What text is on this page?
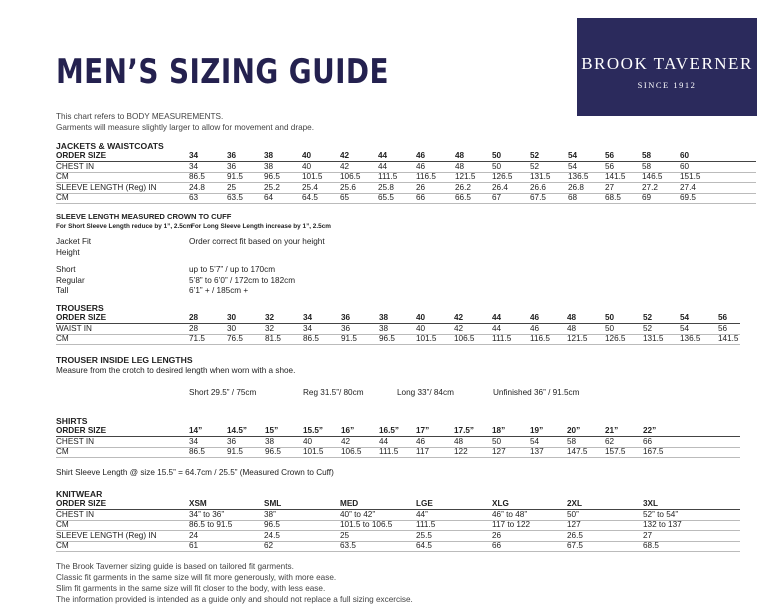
MEN’S SIZING GUIDE	BROOK TAVERNER
SINCE 1912
This chart refers to BODY MEASUREMENTS.
Garments will measure slightly larger to allow for movement and drape.
JACKETS & WAISTCOATS
ORDER SIZE	34	36	38	40	42	44	46	48	50	52	54	56	58	60
CHEST IN	34	36	38	40	42	44	46	48	50	52	54	56	58	60
CM	86.5	91.5	96.5	101.5 106.5 111.5 116.5 121.5 126.5 131.5 136.5 141.5 146.5 151.5
SLEEVE LENGTH (Reg) IN	24.8	25	25.2	25.4	25.6	25.8	26	26.2	26.4	26.6	26.8	27	27.2	27.4
CM	63	63.5	64	64.5	65	65.5	66	66.5	67	67.5	68	68.5	69	69.5
SLEEVE LENGTH MEASURED CROWN TO CUFF
For Short Sleeve Length reduce by 1”, 2.5cm
For Long Sleeve Length increase by 1”, 2.5cm
Jacket Fit	Order correct fit based on your height
Height
Short	up to 5’7” / up to 170cm
Regular	5’8” to 6’0” / 172cm to 182cm
Tall	6’1” + / 185cm +
TROUSERS
ORDER SIZE	28	30	32	34	36	38	40	42	44	46	48	50	52	54	56
WAIST IN	28	30	32	34	36	38	40	42	44	46	48	50	52	54	56
CM	71.5	76.5	81.5	86.5	91.5	96.5	101.5 106.5 111.5 116.5 121.5 126.5 131.5 136.5 141.5
TROUSER INSIDE LEG LENGTHS
Measure from the crotch to desired length when worn with a shoe.
Short 29.5” / 75cm	Reg 31.5”/ 80cm	Long 33”/ 84cm	Unfinished 36” / 91.5cm
SHIRTS
ORDER SIZE	14”	14.5” 15”	15.5” 16”	16.5” 17”	17.5” 18”	19”	20”	21”	22”
CHEST IN	34	36	38	40	42	44	46	48	50	54	58	62	66
CM	86.5	91.5	96.5	101.5 106.5 111.5 117	122	127	137	147.5 157.5 167.5
Shirt Sleeve Length @ size 15.5” = 64.7cm / 25.5” (Measured Crown to Cuff)
KNITWEAR
ORDER SIZE	XSM	SML	MED	LGE	XLG	2XL	3XL
CHEST IN	34” to 36”	38”	40” to 42”	44”	46” to 48”	50”	52” to 54”
CM	86.5 to 91.5	96.5	101.5 to 106.5	111.5	117 to 122	127	132 to 137
SLEEVE LENGTH (Reg) IN	24	24.5	25	25.5	26	26.5	27
CM	61	62	63.5	64.5	66	67.5	68.5
The Brook Taverner sizing guide is based on tailored fit garments.
Classic fit garments in the same size will fit more generously, with more ease.
Slim fit garments in the same size will fit closer to the body, with less ease.
The information provided is intended as a guide only and should not replace a full sizing excercise.
